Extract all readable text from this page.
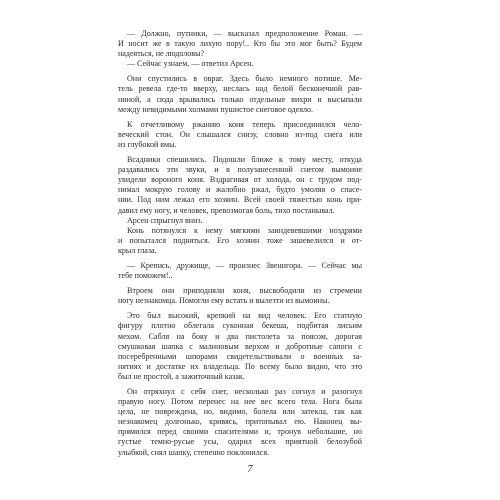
— Должно, путники, — высказал предположение Роман. —
И носит же в такую лихую пору!.. Кто бы это мог быть? Будем
надеяться, не людоловы?
— Сейчас узнаем, — ответил Арсен.
Они спустились в овраг. Здесь было немного потише. Ме-
тель ревела где-то вверху, неслась над белой бесконечной рав-
ниной, а сюда врывались только отдельные вихри и высыпа́ли
между невидимыми холмами пушистое снеговое одеяло.
К отчетливому ржанию коня теперь присоединился чело-
веческий стон. Он слышался снизу, словно из-под снега или
из глубокой ямы.
Всадники спешились. Подошли ближе к тому месту, откуда
раздавались эти звуки, и в полузанесенной снегом вымоине
увидели вороного коня. Вздрагивая от холода, он с трудом под-
нимал мокрую голову и жалобно ржал, будто умоляя о спасе-
нии. Под ним лежал его хозяин. Всей своей тяжестью конь при-
давил ему ногу, и человек, превозмогая боль, тихо постанывал.
Арсен спрыгнул вниз.
Конь потянулся к нему мягкими заиндевевшими ноздрями
и попытался подняться. Его хозяин тоже зашевелился и от-
крыл глаза.
— Крепись, дружище, — произнес Звенигора. — Сейчас мы
тебе поможем!..
Втроем они приподняли коня, высвободили из стремени
ногу незнакомца. Помогли ему встать и вылезти из вымоины.
Это был высокий, крепкий на вид человек. Его статную
фигуру плотно облегала суконная бекеша, подбитая лисьим
мехом. Сабля на боку и два пистолета за поясом, дорогая
смушковая шапка с малиновым верхом и добротные сапоги с
посеребренными шпорами свидетельствовали о военных за-
нятиях и достатке их владельца. По всему было видно, что это
был не простой, а зажиточный казак.
Он отряхнул с себя снег, несколько раз согнул и разогнул
правую ногу. Потом перенес на нее вес всего тела. Нога была
цела, не повреждена, но, видимо, болела или затекла, так как
незнакомец долгонько, кривясь, притопывал ею. Наконец вы-
прямился перед своими спасителями и, тронув небольшие, но
густые темно-русые усы, одарил всех приятной белозубой
улыбкой, снял шапку, степенно поклонился.
7
